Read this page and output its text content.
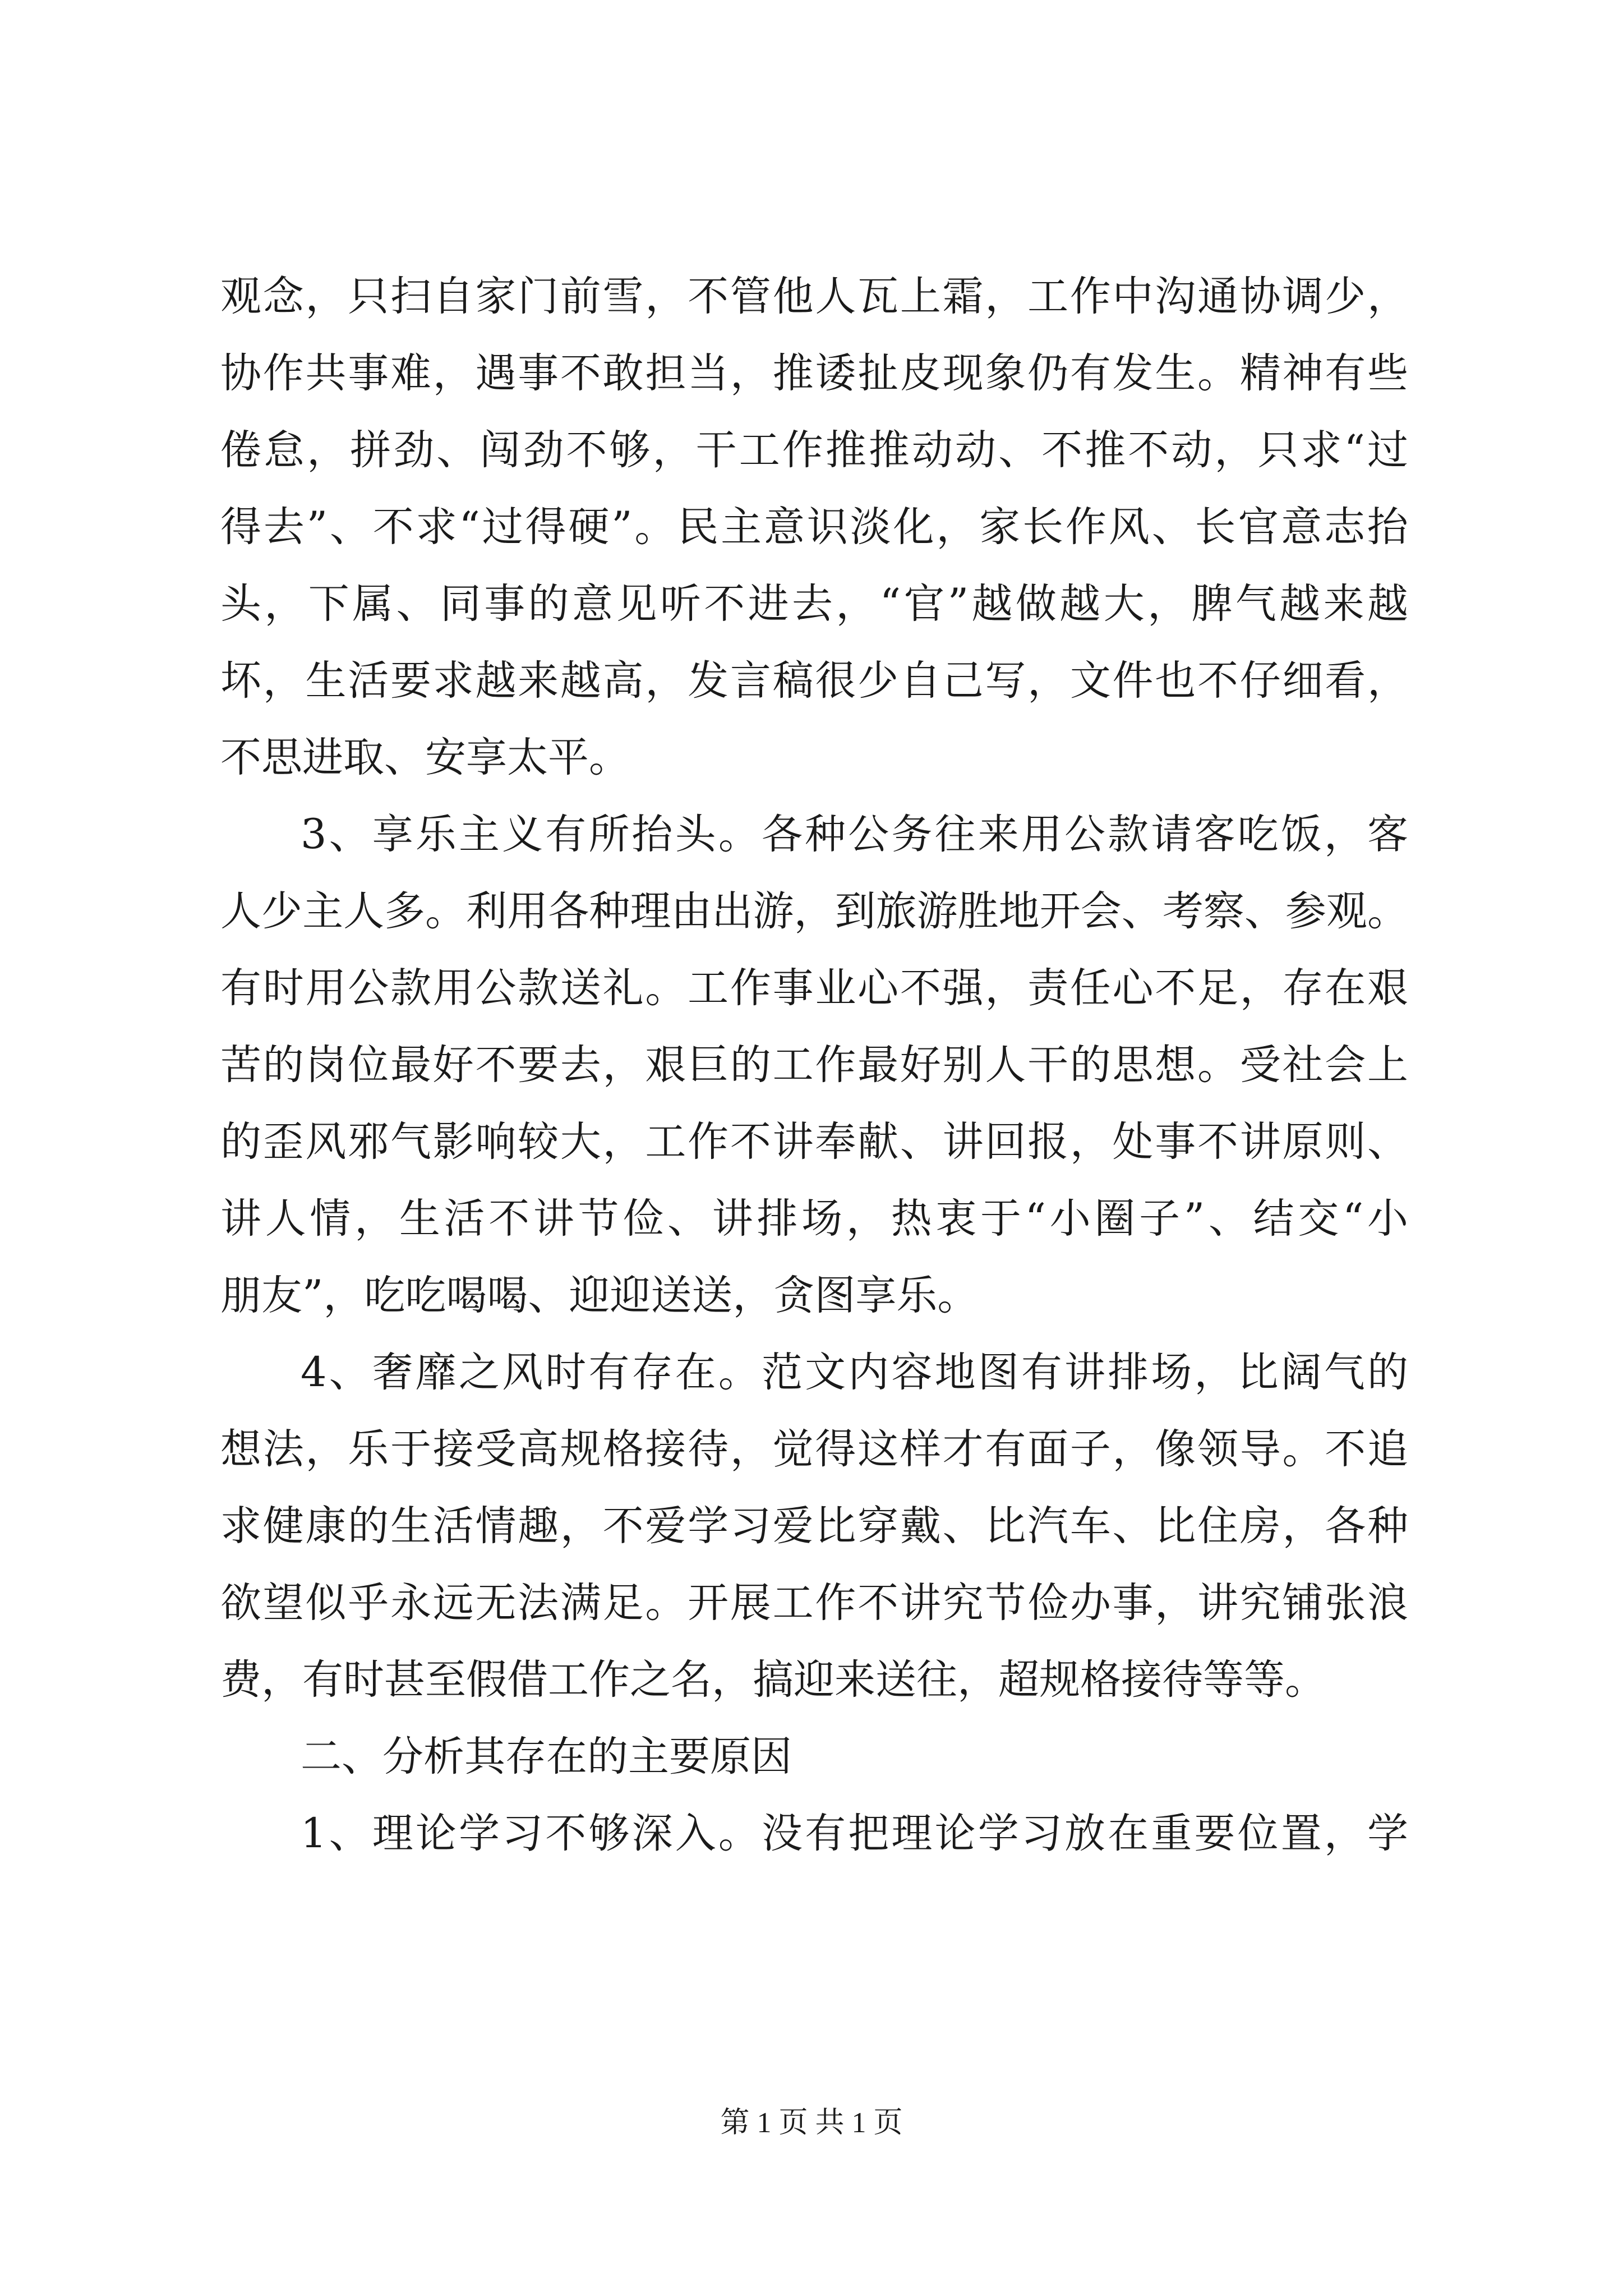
观念，只扫自家门前雪，不管他人瓦上霜，工作中沟通协调少，
协作共事难，遇事不敢担当，推诿扯皮现象仍有发生。精神有些
倦怠，拼劲、闯劲不够，干工作推推动动、不推不动，只求“过
得去”、不求“过得硬”。民主意识淡化，家长作风、长官意志抬
头，下属、同事的意见听不进去，“官”越做越大，脾气越来越
坏，生活要求越来越高，发言稿很少自己写，文件也不仔细看，
不思进取、安享太平。
3、享乐主义有所抬头。各种公务往来用公款请客吃饭，客
人少主人多。利用各种理由出游，到旅游胜地开会、考察、参观。
有时用公款用公款送礼。工作事业心不强，责任心不足，存在艰
苦的岗位最好不要去，艰巨的工作最好别人干的思想。受社会上
的歪风邪气影响较大，工作不讲奉献、讲回报，处事不讲原则、
讲人情，生活不讲节俭、讲排场，热衷于“小圈子”、结交“小
朋友”，吃吃喝喝、迎迎送送，贪图享乐。
4、奢靡之风时有存在。范文内容地图有讲排场，比阔气的
想法，乐于接受高规格接待，觉得这样才有面子，像领导。不追
求健康的生活情趣，不爱学习爱比穿戴、比汽车、比住房，各种
欲望似乎永远无法满足。开展工作不讲究节俭办事，讲究铺张浪
费，有时甚至假借工作之名，搞迎来送往，超规格接待等等。
二、分析其存在的主要原因
1、理论学习不够深入。没有把理论学习放在重要位置，学
第 1 页 共 1 页
